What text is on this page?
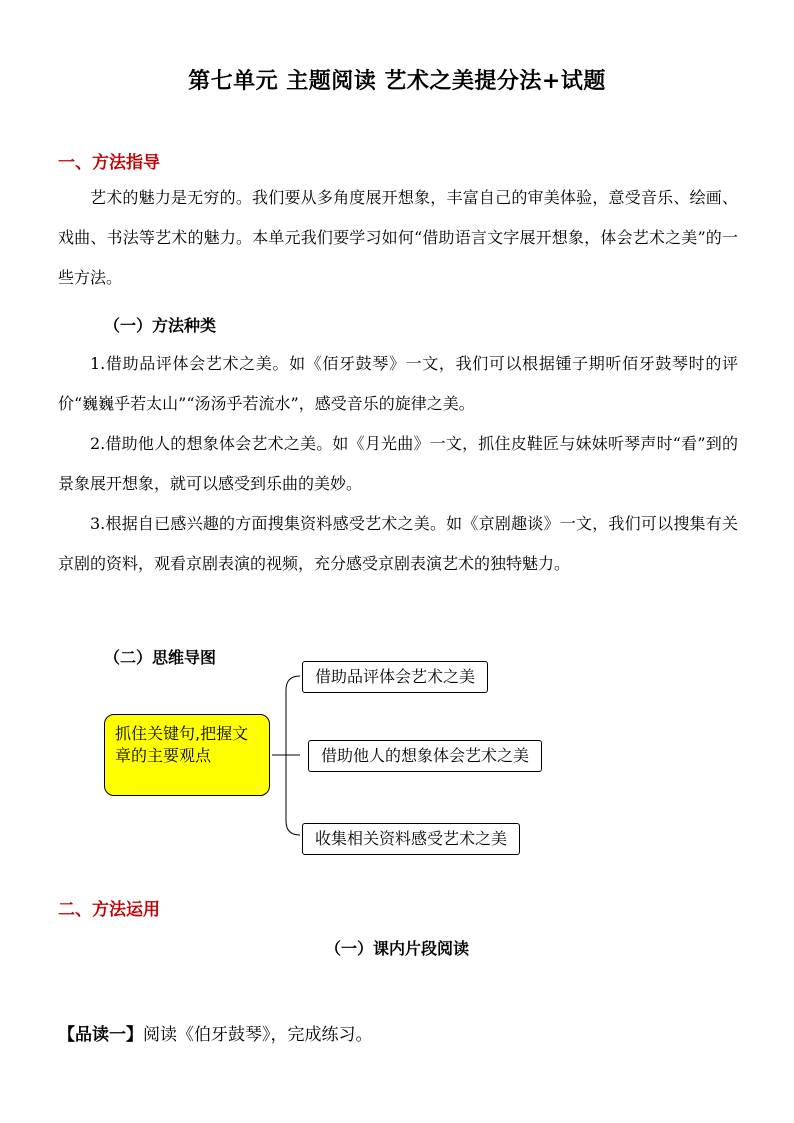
第七单元 主题阅读 艺术之美提分法+试题
一、方法指导
艺术的魅力是无穷的。我们要从多角度展开想象，丰富自己的审美体验，意受音乐、绘画、戏曲、书法等艺术的魅力。本单元我们要学习如何“借助语言文字展开想象，体会艺术之美”的一些方法。
（一）方法种类
1.借助品评体会艺术之美。如《佰牙鼓琴》一文，我们可以根据锺子期听佰牙鼓琴时的评价“巍巍乎若太山”“汤汤乎若流水”，感受音乐的旋律之美。
2.借助他人的想象体会艺术之美。如《月光曲》一文，抓住皮鞋匠与妹妹听琴声时“看”到的景象展开想象，就可以感受到乐曲的美妙。
3.根据自已感兴趣的方面搜集资料感受艺术之美。如《京剧趣谈》一文，我们可以搜集有关京剧的资料，观看京剧表演的视频，充分感受京剧表演艺术的独特魅力。
（二）思维导图
抓住关键句,把握文章的主要观点
借助品评体会艺术之美
借助他人的想象体会艺术之美
收集相关资料感受艺术之美
二、方法运用
（一）课内片段阅读
【品读一】阅读《伯牙鼓琴》，完成练习。
